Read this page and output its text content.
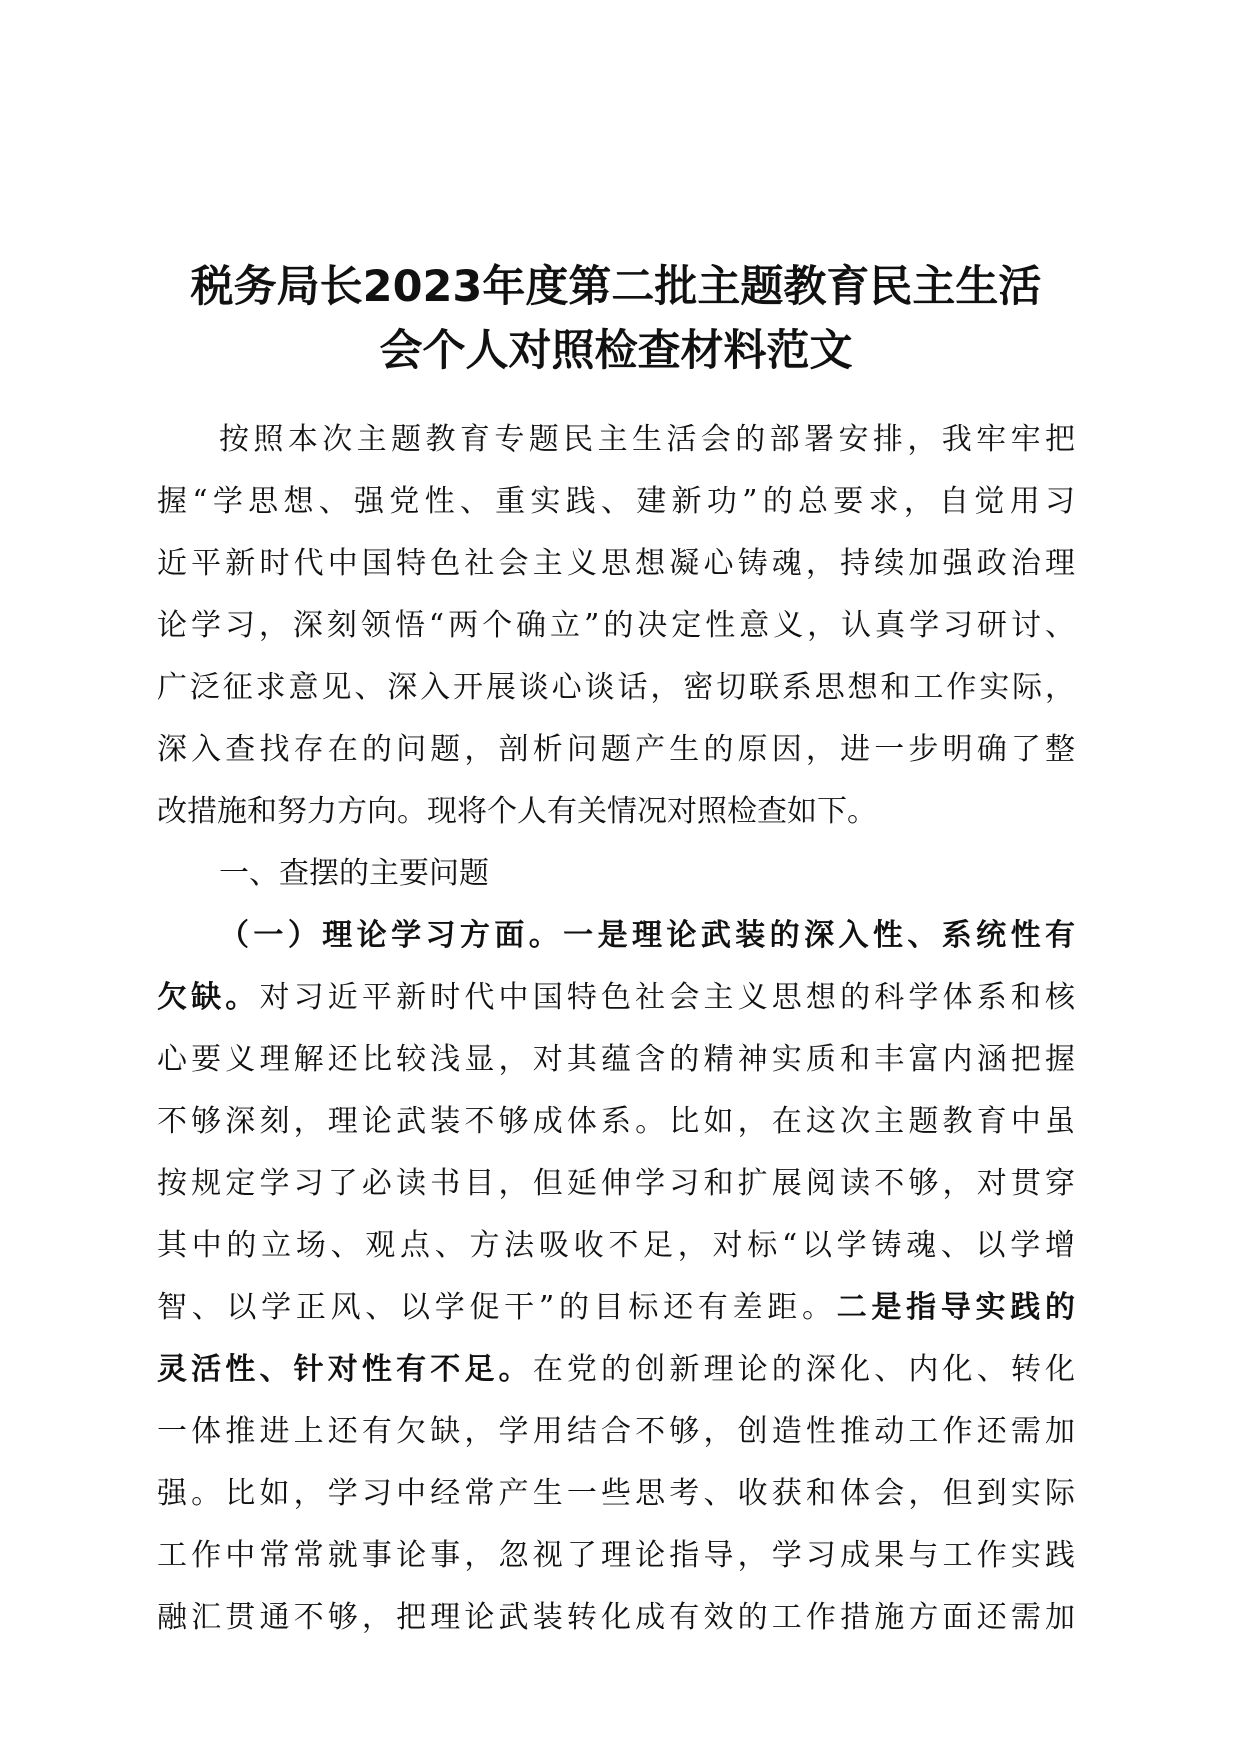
税务局长2023年度第二批主题教育民主生活
会个人对照检查材料范文
按照本次主题教育专题民主生活会的部署安排，我牢牢把
握“学思想、强党性、重实践、建新功”的总要求，自觉用习
近平新时代中国特色社会主义思想凝心铸魂，持续加强政治理
论学习，深刻领悟“两个确立”的决定性意义，认真学习研讨、
广泛征求意见、深入开展谈心谈话，密切联系思想和工作实际，
深入查找存在的问题，剖析问题产生的原因，进一步明确了整
改措施和努力方向。现将个人有关情况对照检查如下。
一、查摆的主要问题
（一）理论学习方面。一是理论武装的深入性、系统性有
欠缺。对习近平新时代中国特色社会主义思想的科学体系和核
心要义理解还比较浅显，对其蕴含的精神实质和丰富内涵把握
不够深刻，理论武装不够成体系。比如，在这次主题教育中虽
按规定学习了必读书目，但延伸学习和扩展阅读不够，对贯穿
其中的立场、观点、方法吸收不足，对标“以学铸魂、以学增
智、以学正风、以学促干”的目标还有差距。二是指导实践的
灵活性、针对性有不足。在党的创新理论的深化、内化、转化
一体推进上还有欠缺，学用结合不够，创造性推动工作还需加
强。比如，学习中经常产生一些思考、收获和体会，但到实际
工作中常常就事论事，忽视了理论指导，学习成果与工作实践
融汇贯通不够，把理论武装转化成有效的工作措施方面还需加
